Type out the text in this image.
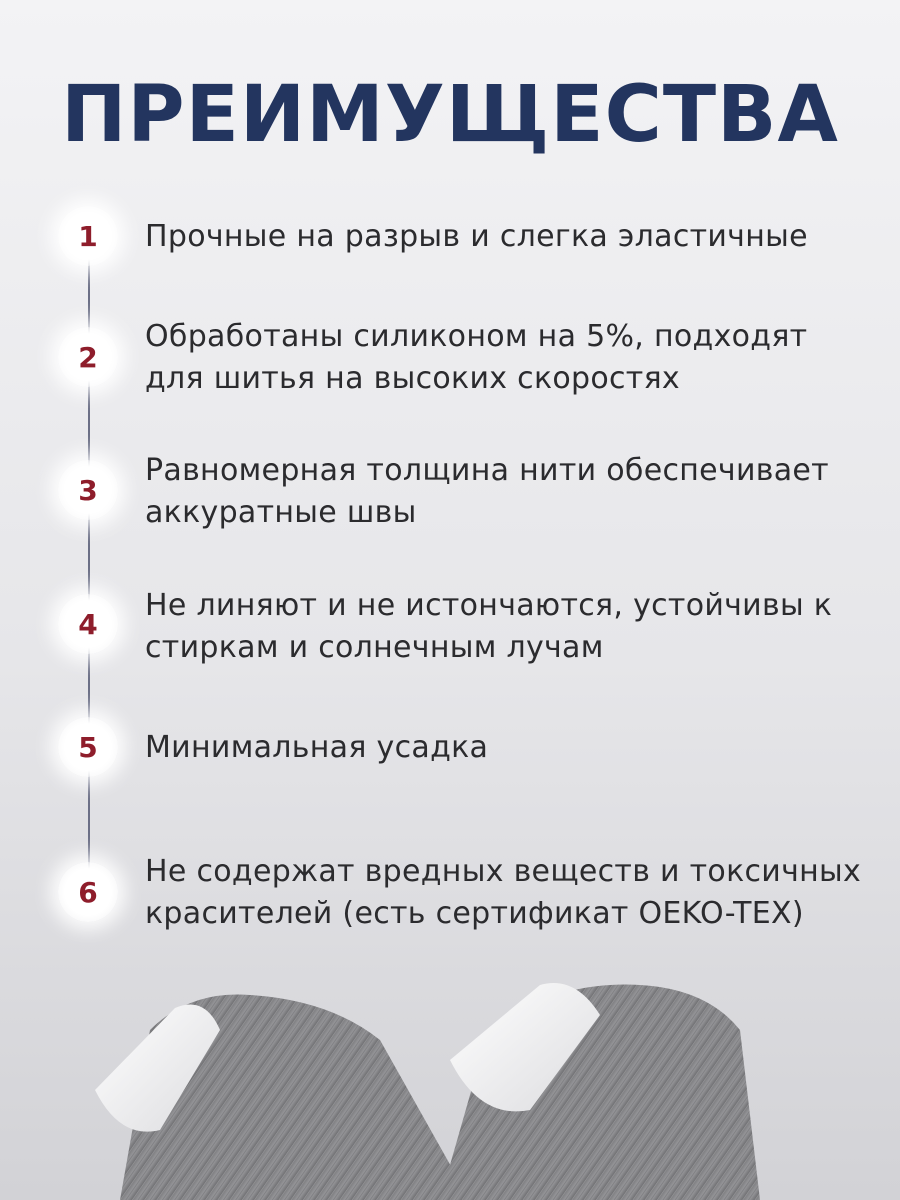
ПРЕИМУЩЕСТВА
1	Прочные на разрыв и слегка эластичные
2
Обработаны силиконом на 5%, подходят для шитья на высоких скоростях
3
Равномерная толщина нити обеспечивает аккуратные швы
4
Не линяют и не истончаются, устойчивы к стиркам и солнечным лучам
5	Минимальная усадка
6
Не содержат вредных веществ и токсичных красителей (есть сертификат OEKO-TEX)
